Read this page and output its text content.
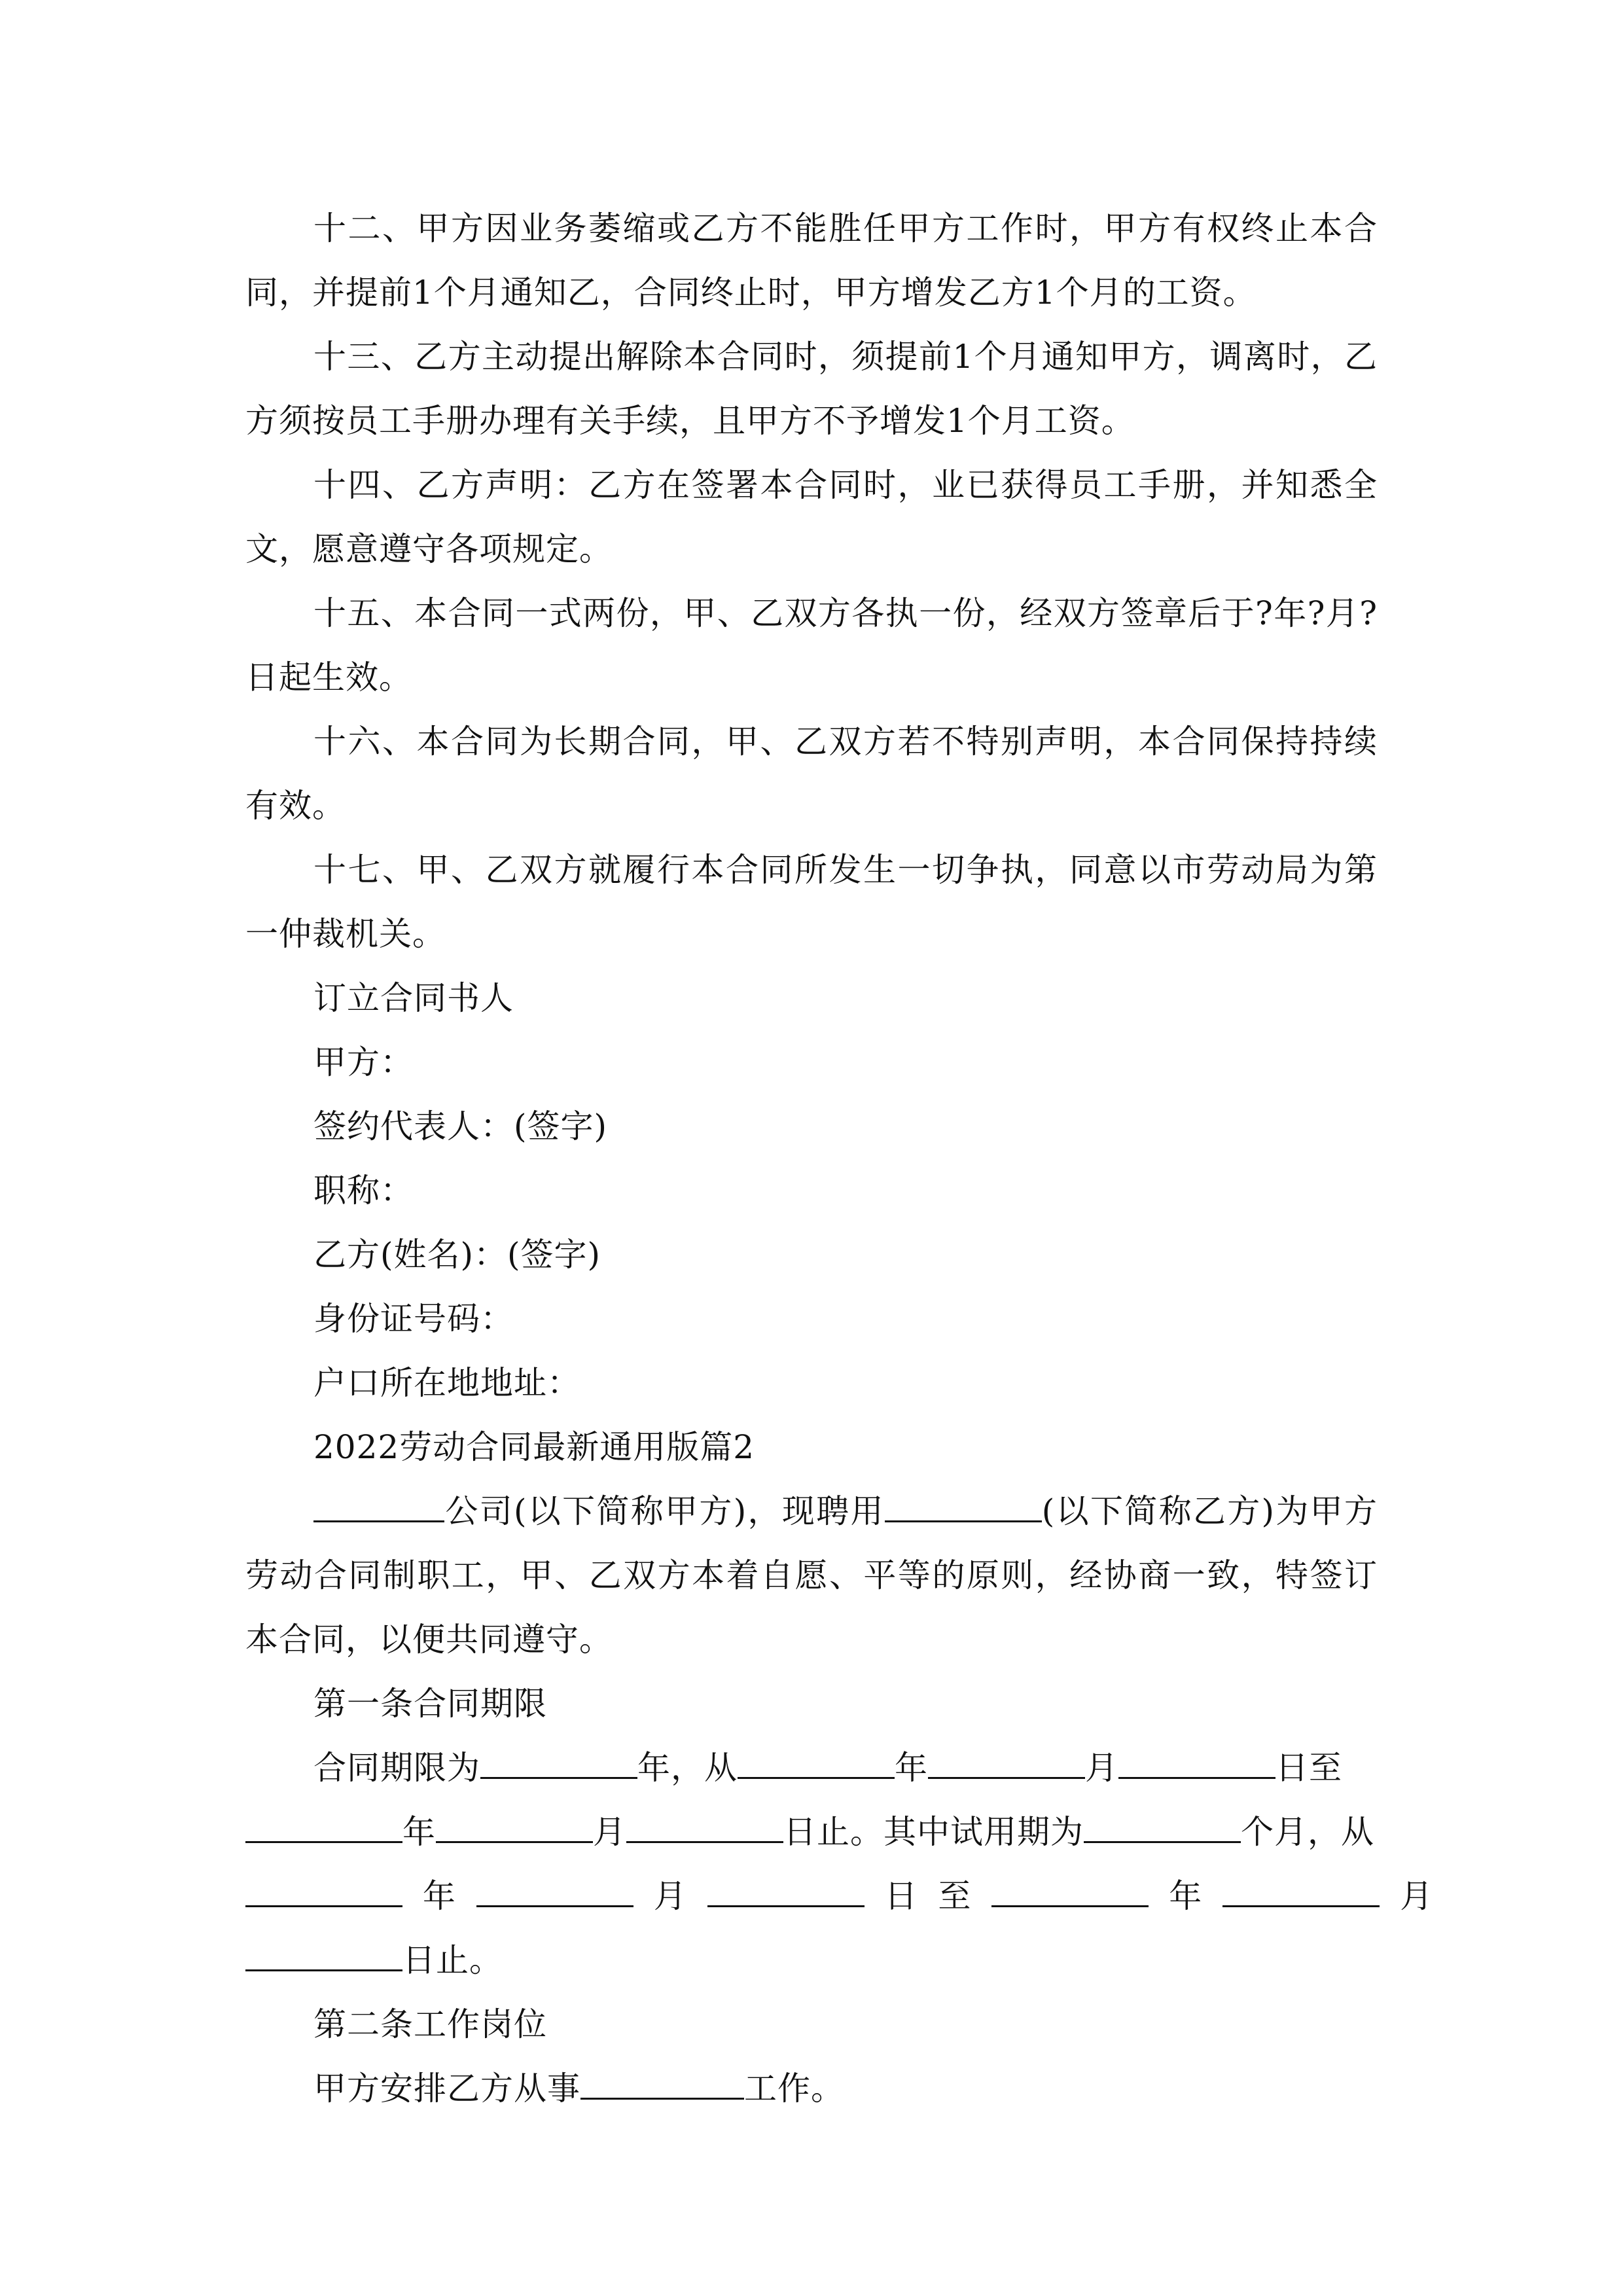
十二、甲方因业务萎缩或乙方不能胜任甲方工作时，甲方有权终止本合同，并提前1个月通知乙，合同终止时，甲方增发乙方1个月的工资。

十三、乙方主动提出解除本合同时，须提前1个月通知甲方，调离时，乙方须按员工手册办理有关手续，且甲方不予增发1个月工资。

十四、乙方声明：乙方在签署本合同时，业已获得员工手册，并知悉全文，愿意遵守各项规定。

十五、本合同一式两份，甲、乙双方各执一份，经双方签章后于?年?月?日起生效。

十六、本合同为长期合同，甲、乙双方若不特别声明，本合同保持持续有效。

十七、甲、乙双方就履行本合同所发生一切争执，同意以市劳动局为第一仲裁机关。

订立合同书人

甲方：

签约代表人：(签字)

职称：

乙方(姓名)：(签字)

身份证号码：

户口所在地地址：

2022劳动合同最新通用版篇2

公司(以下简称甲方)，现聘用	(以下简称乙方)为甲方劳动合同制职工，甲、乙双方本着自愿、平等的原则，经协商一致，特签订本合同，以便共同遵守。

第一条合同期限

合同期限为	年，从	年	月	日至

年	月	日止。其中试用期为	个月，从

年	月	日 至	年	月

日止。

第二条工作岗位

甲方安排乙方从事	工作。
